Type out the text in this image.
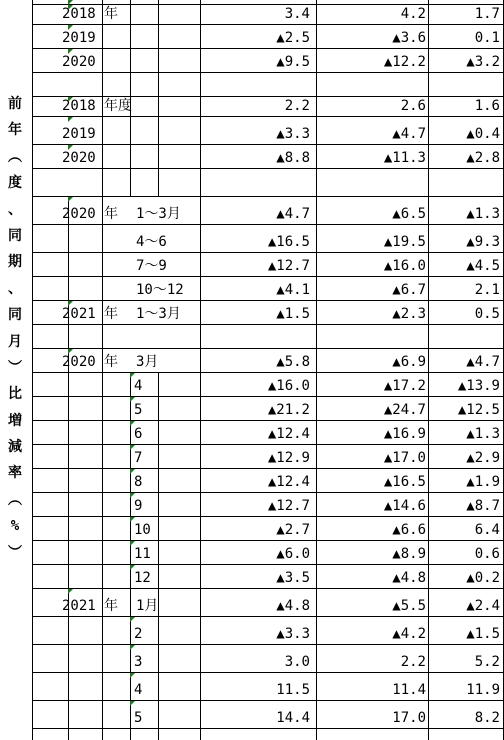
前
年
︵
度
、
同
期
、
同
月
︶
比
増
減
率
︵
%
︶
2018 年	3.4	4.2	1.7
2019	▲2.5	▲3.6	0.1
2020	▲9.5	▲12.2	▲3.2
2018 年度	2.2	2.6	1.6
2019	▲3.3	▲4.7	▲0.4
2020	▲8.8	▲11.3	▲2.8
2020 年	1〜3月	▲4.7	▲6.5	▲1.3
4〜6	▲16.5	▲19.5	▲9.3
7〜9	▲12.7	▲16.0	▲4.5
10〜12	▲4.1	▲6.7	2.1
2021 年	1〜3月	▲1.5	▲2.3	0.5
2020 年	3月	▲5.8	▲6.9	▲4.7
4	▲16.0	▲17.2	▲13.9
5	▲21.2	▲24.7	▲12.5
6	▲12.4	▲16.9	▲1.3
7	▲12.9	▲17.0	▲2.9
8	▲12.4	▲16.5	▲1.9
9	▲12.7	▲14.6	▲8.7
10	▲2.7	▲6.6	6.4
11	▲6.0	▲8.9	0.6
12	▲3.5	▲4.8	▲0.2
2021 年	1月	▲4.8	▲5.5	▲2.4
2	▲3.3	▲4.2	▲1.5
3	3.0	2.2	5.2
4	11.5	11.4	11.9
5	14.4	17.0	8.2
